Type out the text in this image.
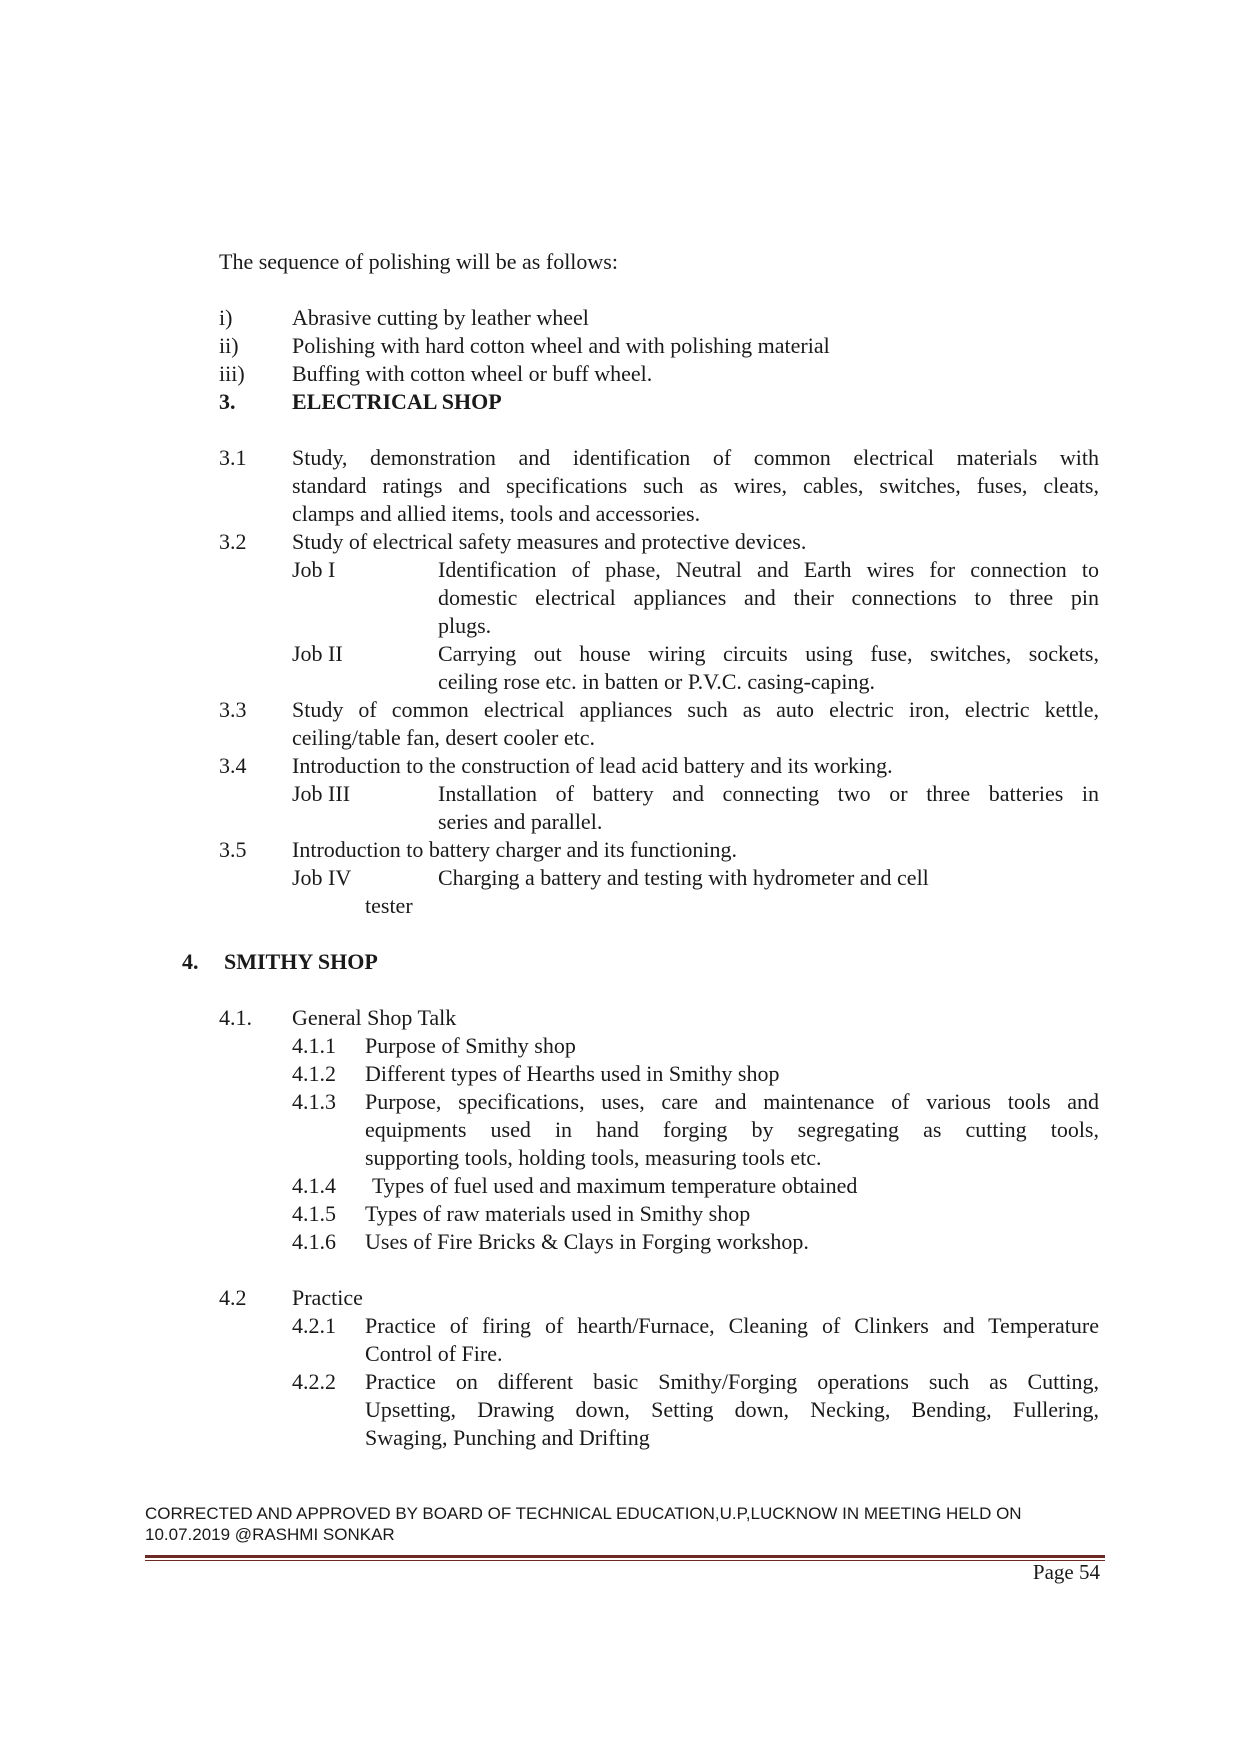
The sequence of polishing will be as follows:
i)	Abrasive cutting by leather wheel
ii) Polishing with hard cotton wheel and with polishing material
iii) Buffing with cotton wheel or buff wheel.
3.	ELECTRICAL SHOP
3.1 Study, demonstration and identification of common electrical materials with
standard ratings and specifications such as wires, cables, switches, fuses, cleats,
clamps and allied items, tools and accessories.
3.2 Study of electrical safety measures and protective devices.
Job I	Identification of phase, Neutral and Earth wires for connection to
domestic electrical appliances and their connections to three pin
plugs.
Job II	Carrying out house wiring circuits using fuse, switches, sockets,
ceiling rose etc. in batten or P.V.C. casing-caping.
3.3 Study of common electrical appliances such as auto electric iron, electric kettle,
ceiling/table fan, desert cooler etc.
3.4 Introduction to the construction of lead acid battery and its working.
Job III	Installation of battery and connecting two or three batteries in
series and parallel.
3.5 Introduction to battery charger and its functioning.
Job IV	Charging a battery and testing with hydrometer and cell
tester
4. SMITHY SHOP
4.1. General Shop Talk
4.1.1 Purpose of Smithy shop
4.1.2 Different types of Hearths used in Smithy shop
4.1.3 Purpose, specifications, uses, care and maintenance of various tools and
equipments used in hand forging by segregating as cutting tools,
supporting tools, holding tools, measuring tools etc.
4.1.4 Types of fuel used and maximum temperature obtained
4.1.5 Types of raw materials used in Smithy shop
4.1.6 Uses of Fire Bricks & Clays in Forging workshop.
4.2 Practice
4.2.1 Practice of firing of hearth/Furnace, Cleaning of Clinkers and Temperature
Control of Fire.
4.2.2 Practice on different basic Smithy/Forging operations such as Cutting,
Upsetting, Drawing down, Setting down, Necking, Bending, Fullering,
Swaging, Punching and Drifting
CORRECTED AND APPROVED BY BOARD OF TECHNICAL EDUCATION,U.P,LUCKNOW IN MEETING HELD ON
10.07.2019 @RASHMI SONKAR
Page 54
